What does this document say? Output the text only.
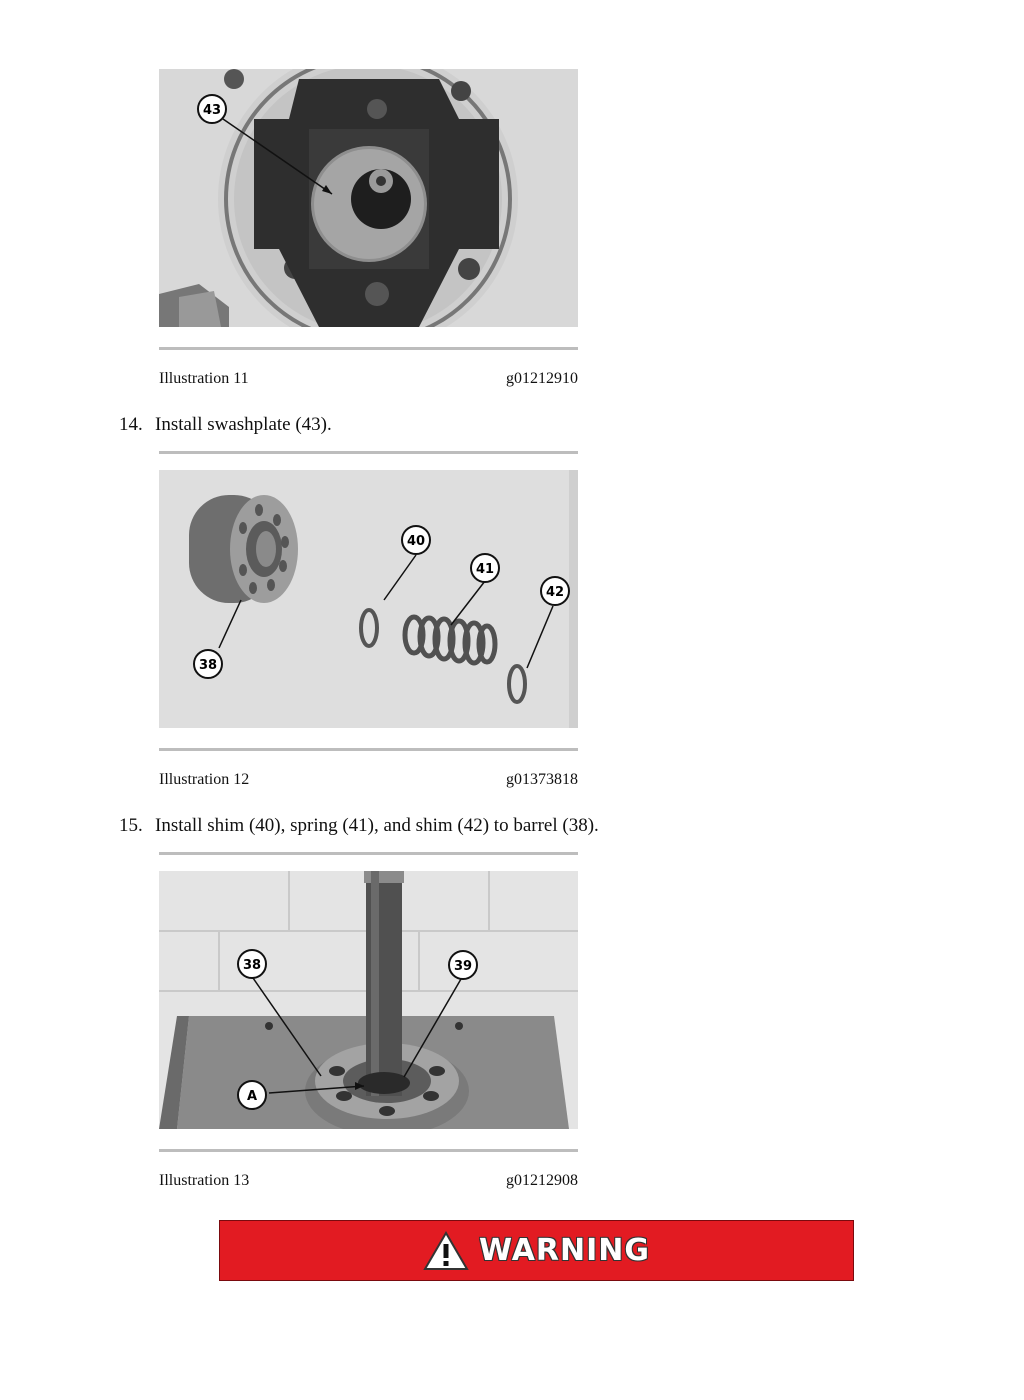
43
Illustration 11	g01212910
14. Install swashplate (43).
40
41
42
38
Illustration 12	g01373818
15. Install shim (40), spring (41), and shim (42) to barrel (38).
38	39
A
Illustration 13	g01212908
WARNING
